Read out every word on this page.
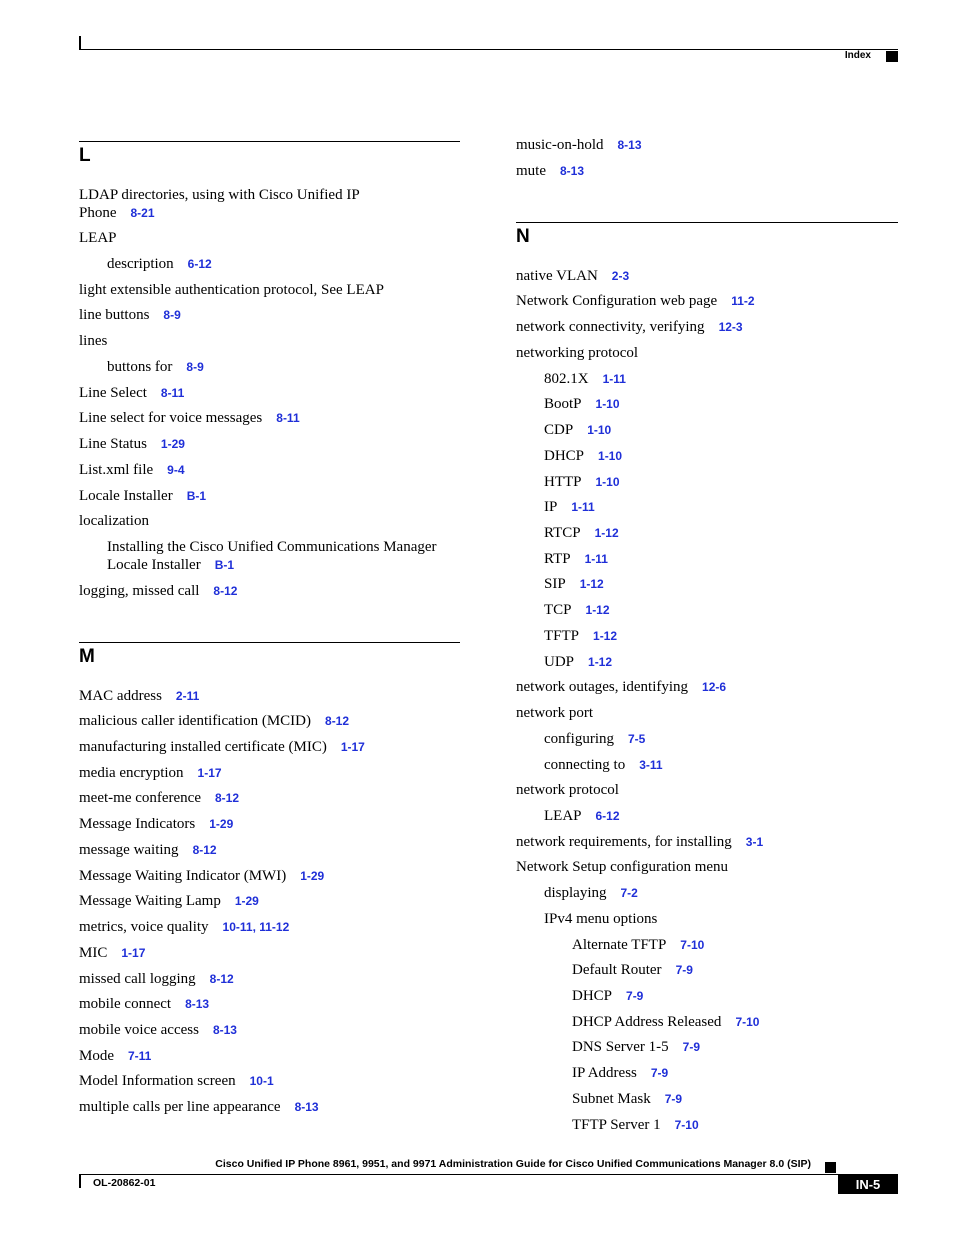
Index
L
LDAP directories, using with Cisco Unified IP
Phone 8-21
LEAP
description 6-12
light extensible authentication protocol, See LEAP
line buttons 8-9
lines
buttons for 8-9
Line Select 8-11
Line select for voice messages 8-11
Line Status 1-29
List.xml file 9-4
Locale Installer B-1
localization
Installing the Cisco Unified Communications Manager
Locale Installer B-1
logging, missed call 8-12
M
MAC address 2-11
malicious caller identification (MCID) 8-12
manufacturing installed certificate (MIC) 1-17
media encryption 1-17
meet-me conference 8-12
Message Indicators 1-29
message waiting 8-12
Message Waiting Indicator (MWI) 1-29
Message Waiting Lamp 1-29
metrics, voice quality 10-11, 11-12
MIC 1-17
missed call logging 8-12
mobile connect 8-13
mobile voice access 8-13
Mode 7-11
Model Information screen 10-1
multiple calls per line appearance 8-13
music-on-hold 8-13
mute 8-13
N
native VLAN 2-3
Network Configuration web page 11-2
network connectivity, verifying 12-3
networking protocol
802.1X 1-11
BootP 1-10
CDP 1-10
DHCP 1-10
HTTP 1-10
IP 1-11
RTCP 1-12
RTP 1-11
SIP 1-12
TCP 1-12
TFTP 1-12
UDP 1-12
network outages, identifying 12-6
network port
configuring 7-5
connecting to 3-11
network protocol
LEAP 6-12
network requirements, for installing 3-1
Network Setup configuration menu
displaying 7-2
IPv4 menu options
Alternate TFTP 7-10
Default Router 7-9
DHCP 7-9
DHCP Address Released 7-10
DNS Server 1-5 7-9
IP Address 7-9
Subnet Mask 7-9
TFTP Server 1 7-10
Cisco Unified IP Phone 8961, 9951, and 9971 Administration Guide for Cisco Unified Communications Manager 8.0 (SIP)
OL-20862-01	IN-5
